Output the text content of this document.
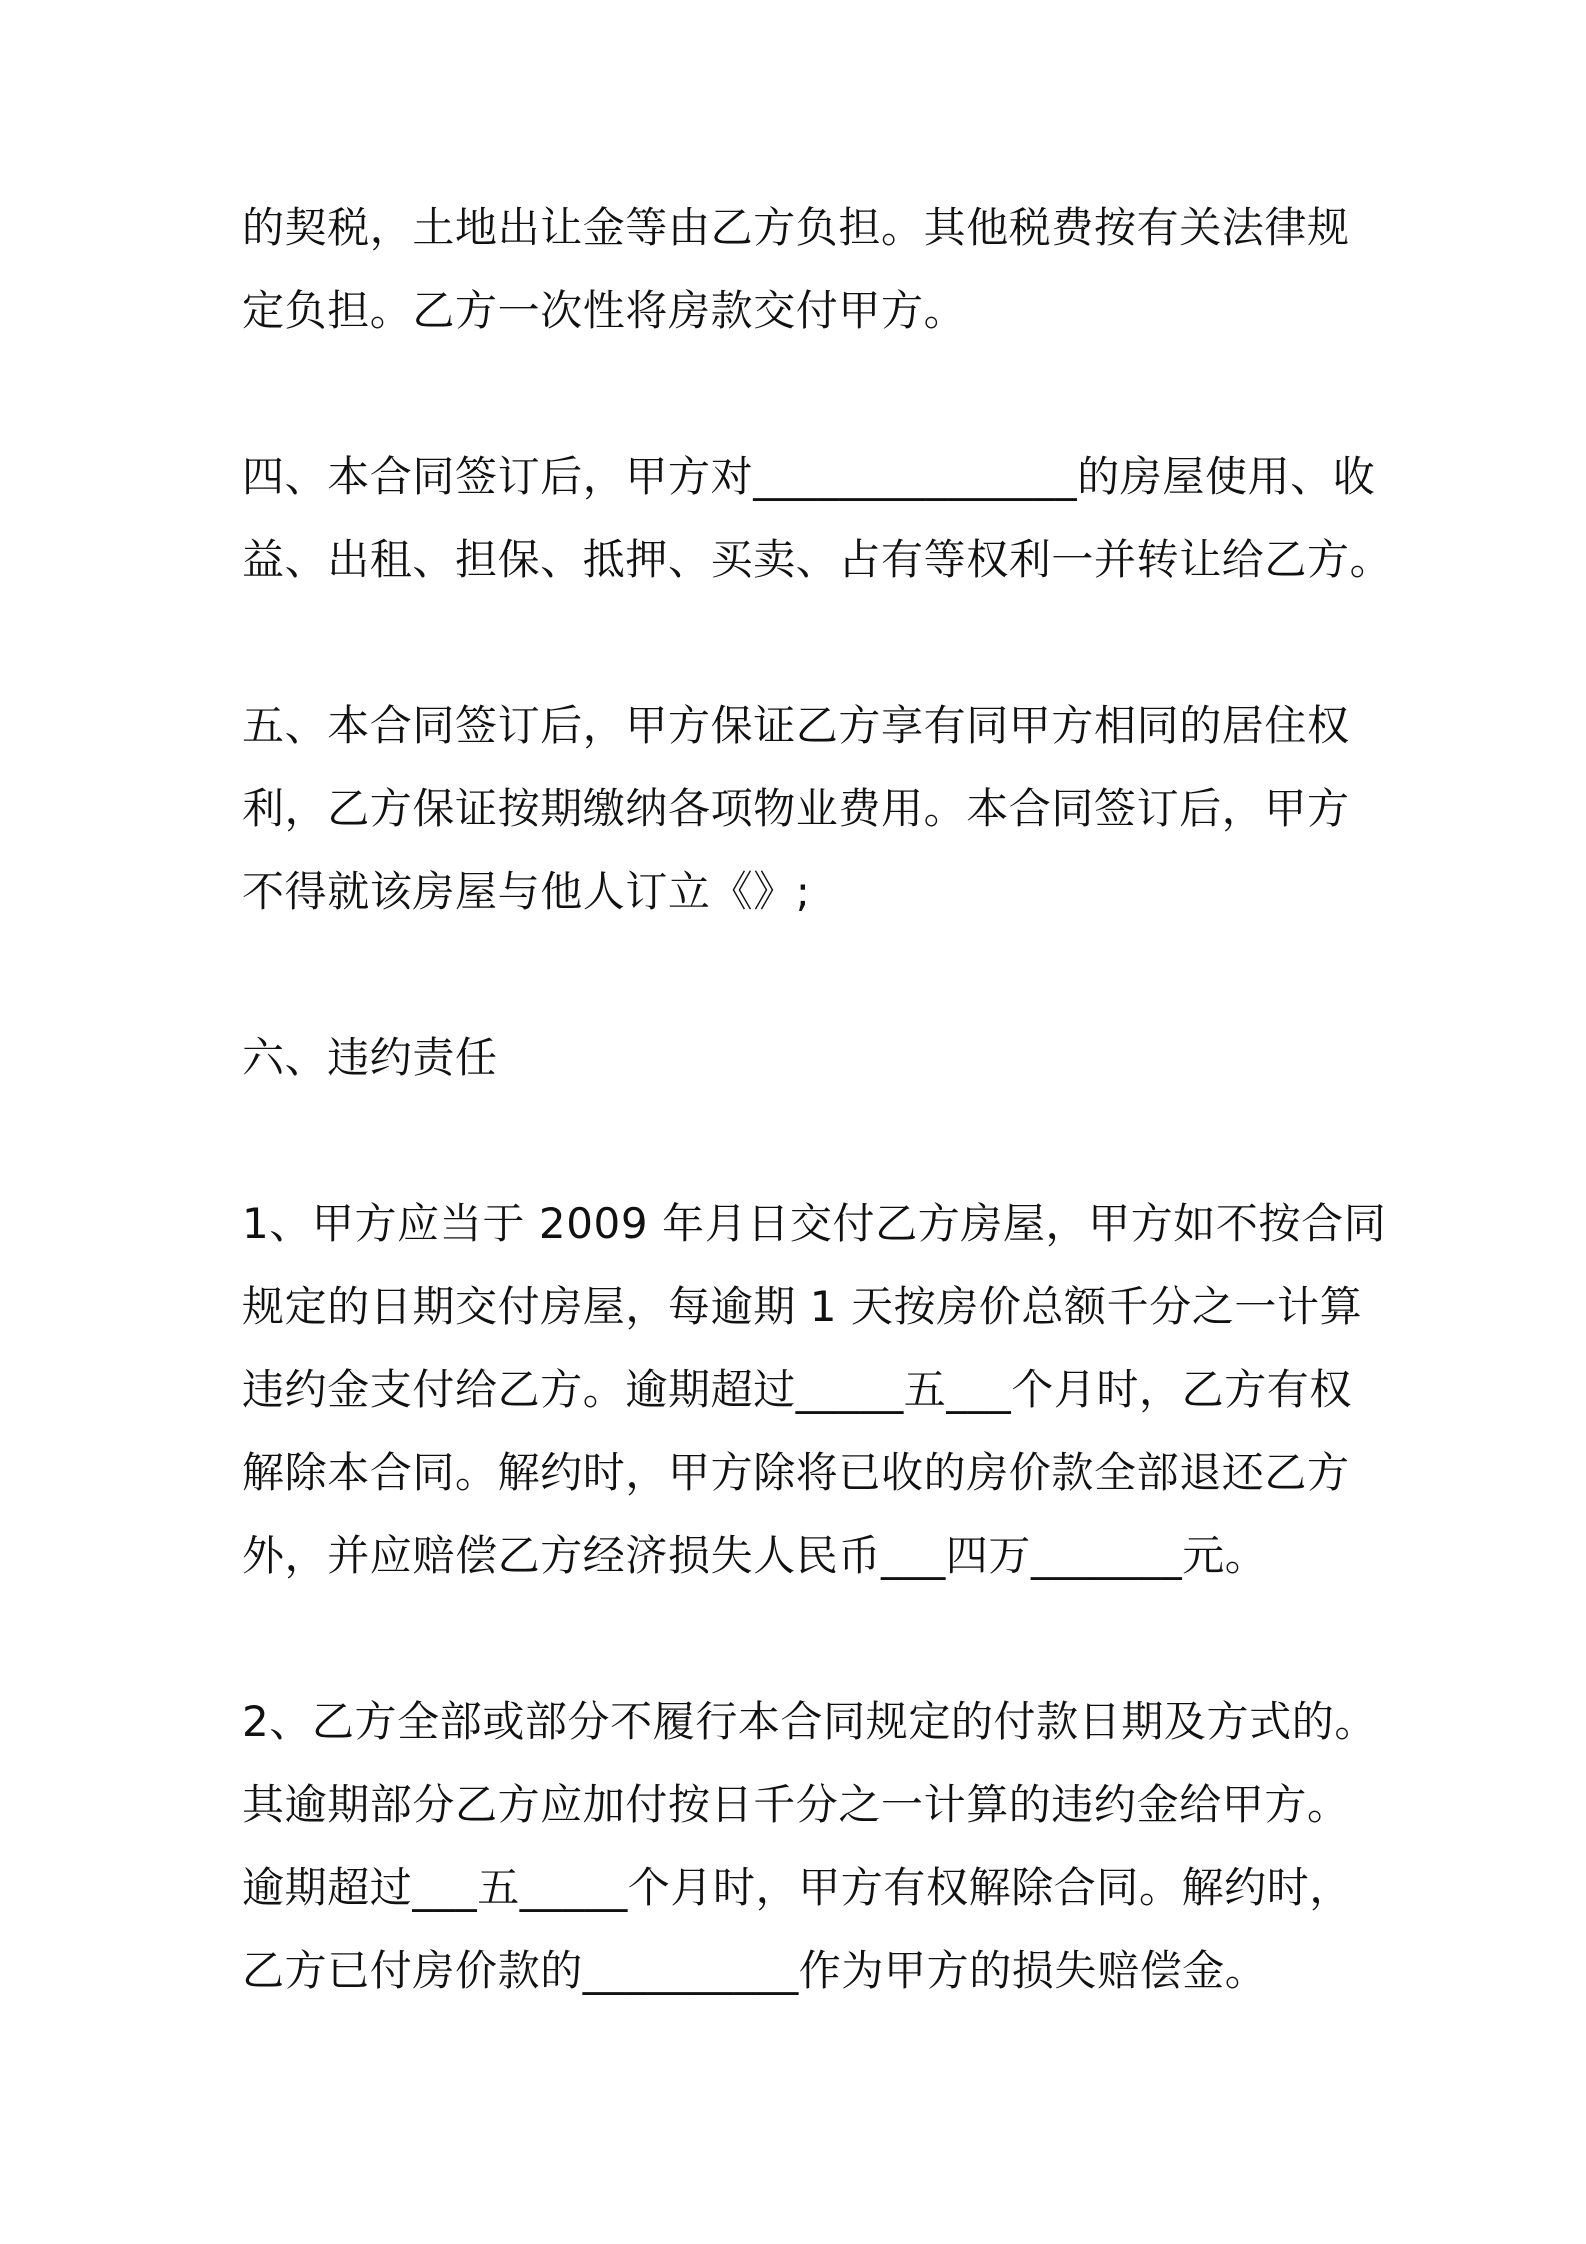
的契税，土地出让金等由乙方负担。其他税费按有关法律规
定负担。乙方一次性将房款交付甲方。

四、本合同签订后，甲方对_______________的房屋使用、收
益、出租、担保、抵押、买卖、占有等权利一并转让给乙方。

五、本合同签订后，甲方保证乙方享有同甲方相同的居住权
利，乙方保证按期缴纳各项物业费用。本合同签订后，甲方
不得就该房屋与他人订立《》;

六、违约责任

1、甲方应当于 2009 年月日交付乙方房屋，甲方如不按合同
规定的日期交付房屋，每逾期 1 天按房价总额千分之一计算
违约金支付给乙方。逾期超过_____五___个月时，乙方有权
解除本合同。解约时，甲方除将已收的房价款全部退还乙方
外，并应赔偿乙方经济损失人民币___四万_______元。

2、乙方全部或部分不履行本合同规定的付款日期及方式的。
其逾期部分乙方应加付按日千分之一计算的违约金给甲方。
逾期超过___五_____个月时，甲方有权解除合同。解约时，
乙方已付房价款的__________作为甲方的损失赔偿金。
